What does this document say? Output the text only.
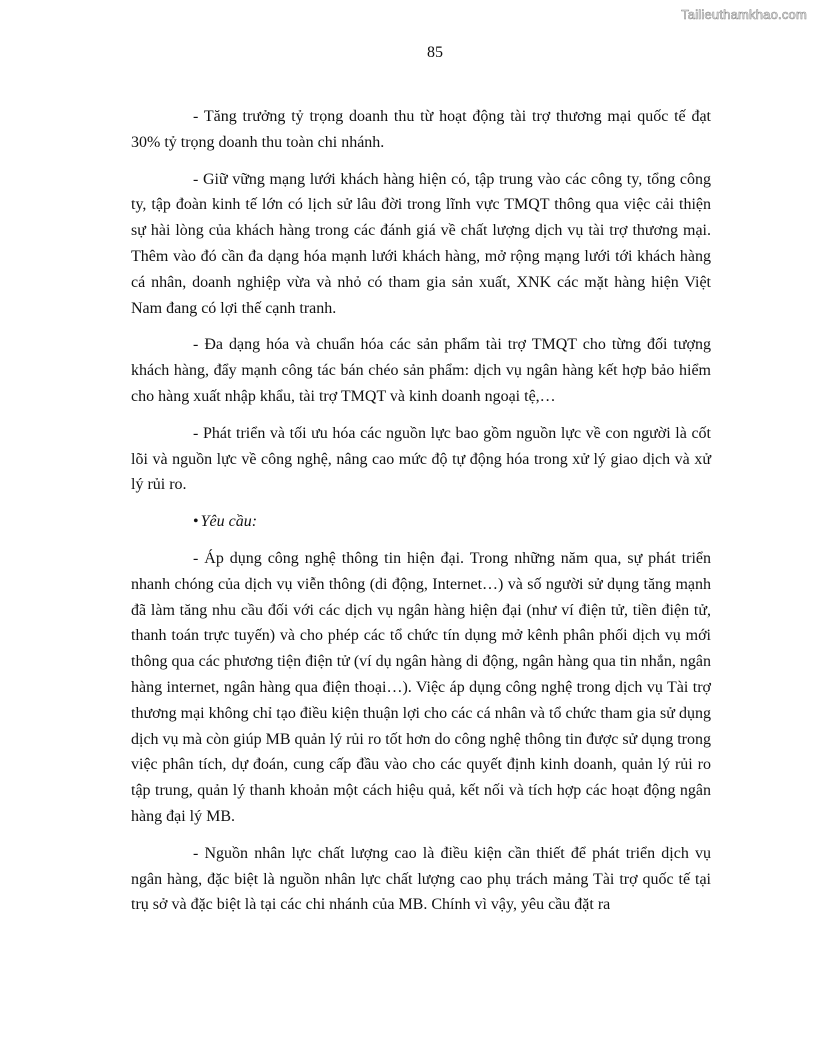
Tailieuthamkhao.com
85

- Tăng trưởng tỷ trọng doanh thu từ hoạt động tài trợ thương mại quốc tế đạt 30% tỷ trọng doanh thu toàn chi nhánh.

- Giữ vững mạng lưới khách hàng hiện có, tập trung vào các công ty, tổng công ty, tập đoàn kinh tế lớn có lịch sử lâu đời trong lĩnh vực TMQT thông qua việc cải thiện sự hài lòng của khách hàng trong các đánh giá về chất lượng dịch vụ tài trợ thương mại. Thêm vào đó cần đa dạng hóa mạnh lưới khách hàng, mở rộng mạng lưới tới khách hàng cá nhân, doanh nghiệp vừa và nhỏ có tham gia sản xuất, XNK các mặt hàng hiện Việt Nam đang có lợi thế cạnh tranh.

- Đa dạng hóa và chuẩn hóa các sản phẩm tài trợ TMQT cho từng đối tượng khách hàng, đẩy mạnh công tác bán chéo sản phẩm: dịch vụ ngân hàng kết hợp bảo hiểm cho hàng xuất nhập khẩu, tài trợ TMQT và kinh doanh ngoại tệ,…

- Phát triển và tối ưu hóa các nguồn lực bao gồm nguồn lực về con người là cốt lõi và nguồn lực về công nghệ, nâng cao mức độ tự động hóa trong xử lý giao dịch và xử lý rủi ro.

• Yêu cầu:

- Áp dụng công nghệ thông tin hiện đại. Trong những năm qua, sự phát triển nhanh chóng của dịch vụ viễn thông (di động, Internet…) và số người sử dụng tăng mạnh đã làm tăng nhu cầu đối với các dịch vụ ngân hàng hiện đại (như ví điện tử, tiền điện tử, thanh toán trực tuyến) và cho phép các tổ chức tín dụng mở kênh phân phối dịch vụ mới thông qua các phương tiện điện tử (ví dụ ngân hàng di động, ngân hàng qua tin nhắn, ngân hàng internet, ngân hàng qua điện thoại…). Việc áp dụng công nghệ trong dịch vụ Tài trợ thương mại không chỉ tạo điều kiện thuận lợi cho các cá nhân và tổ chức tham gia sử dụng dịch vụ mà còn giúp MB quản lý rủi ro tốt hơn do công nghệ thông tin được sử dụng trong việc phân tích, dự đoán, cung cấp đầu vào cho các quyết định kinh doanh, quản lý rủi ro tập trung, quản lý thanh khoản một cách hiệu quả, kết nối và tích hợp các hoạt động ngân hàng đại lý MB.

- Nguồn nhân lực chất lượng cao là điều kiện cần thiết để phát triển dịch vụ ngân hàng, đặc biệt là nguồn nhân lực chất lượng cao phụ trách mảng Tài trợ quốc tế tại trụ sở và đặc biệt là tại các chi nhánh của MB. Chính vì vậy, yêu cầu đặt ra
